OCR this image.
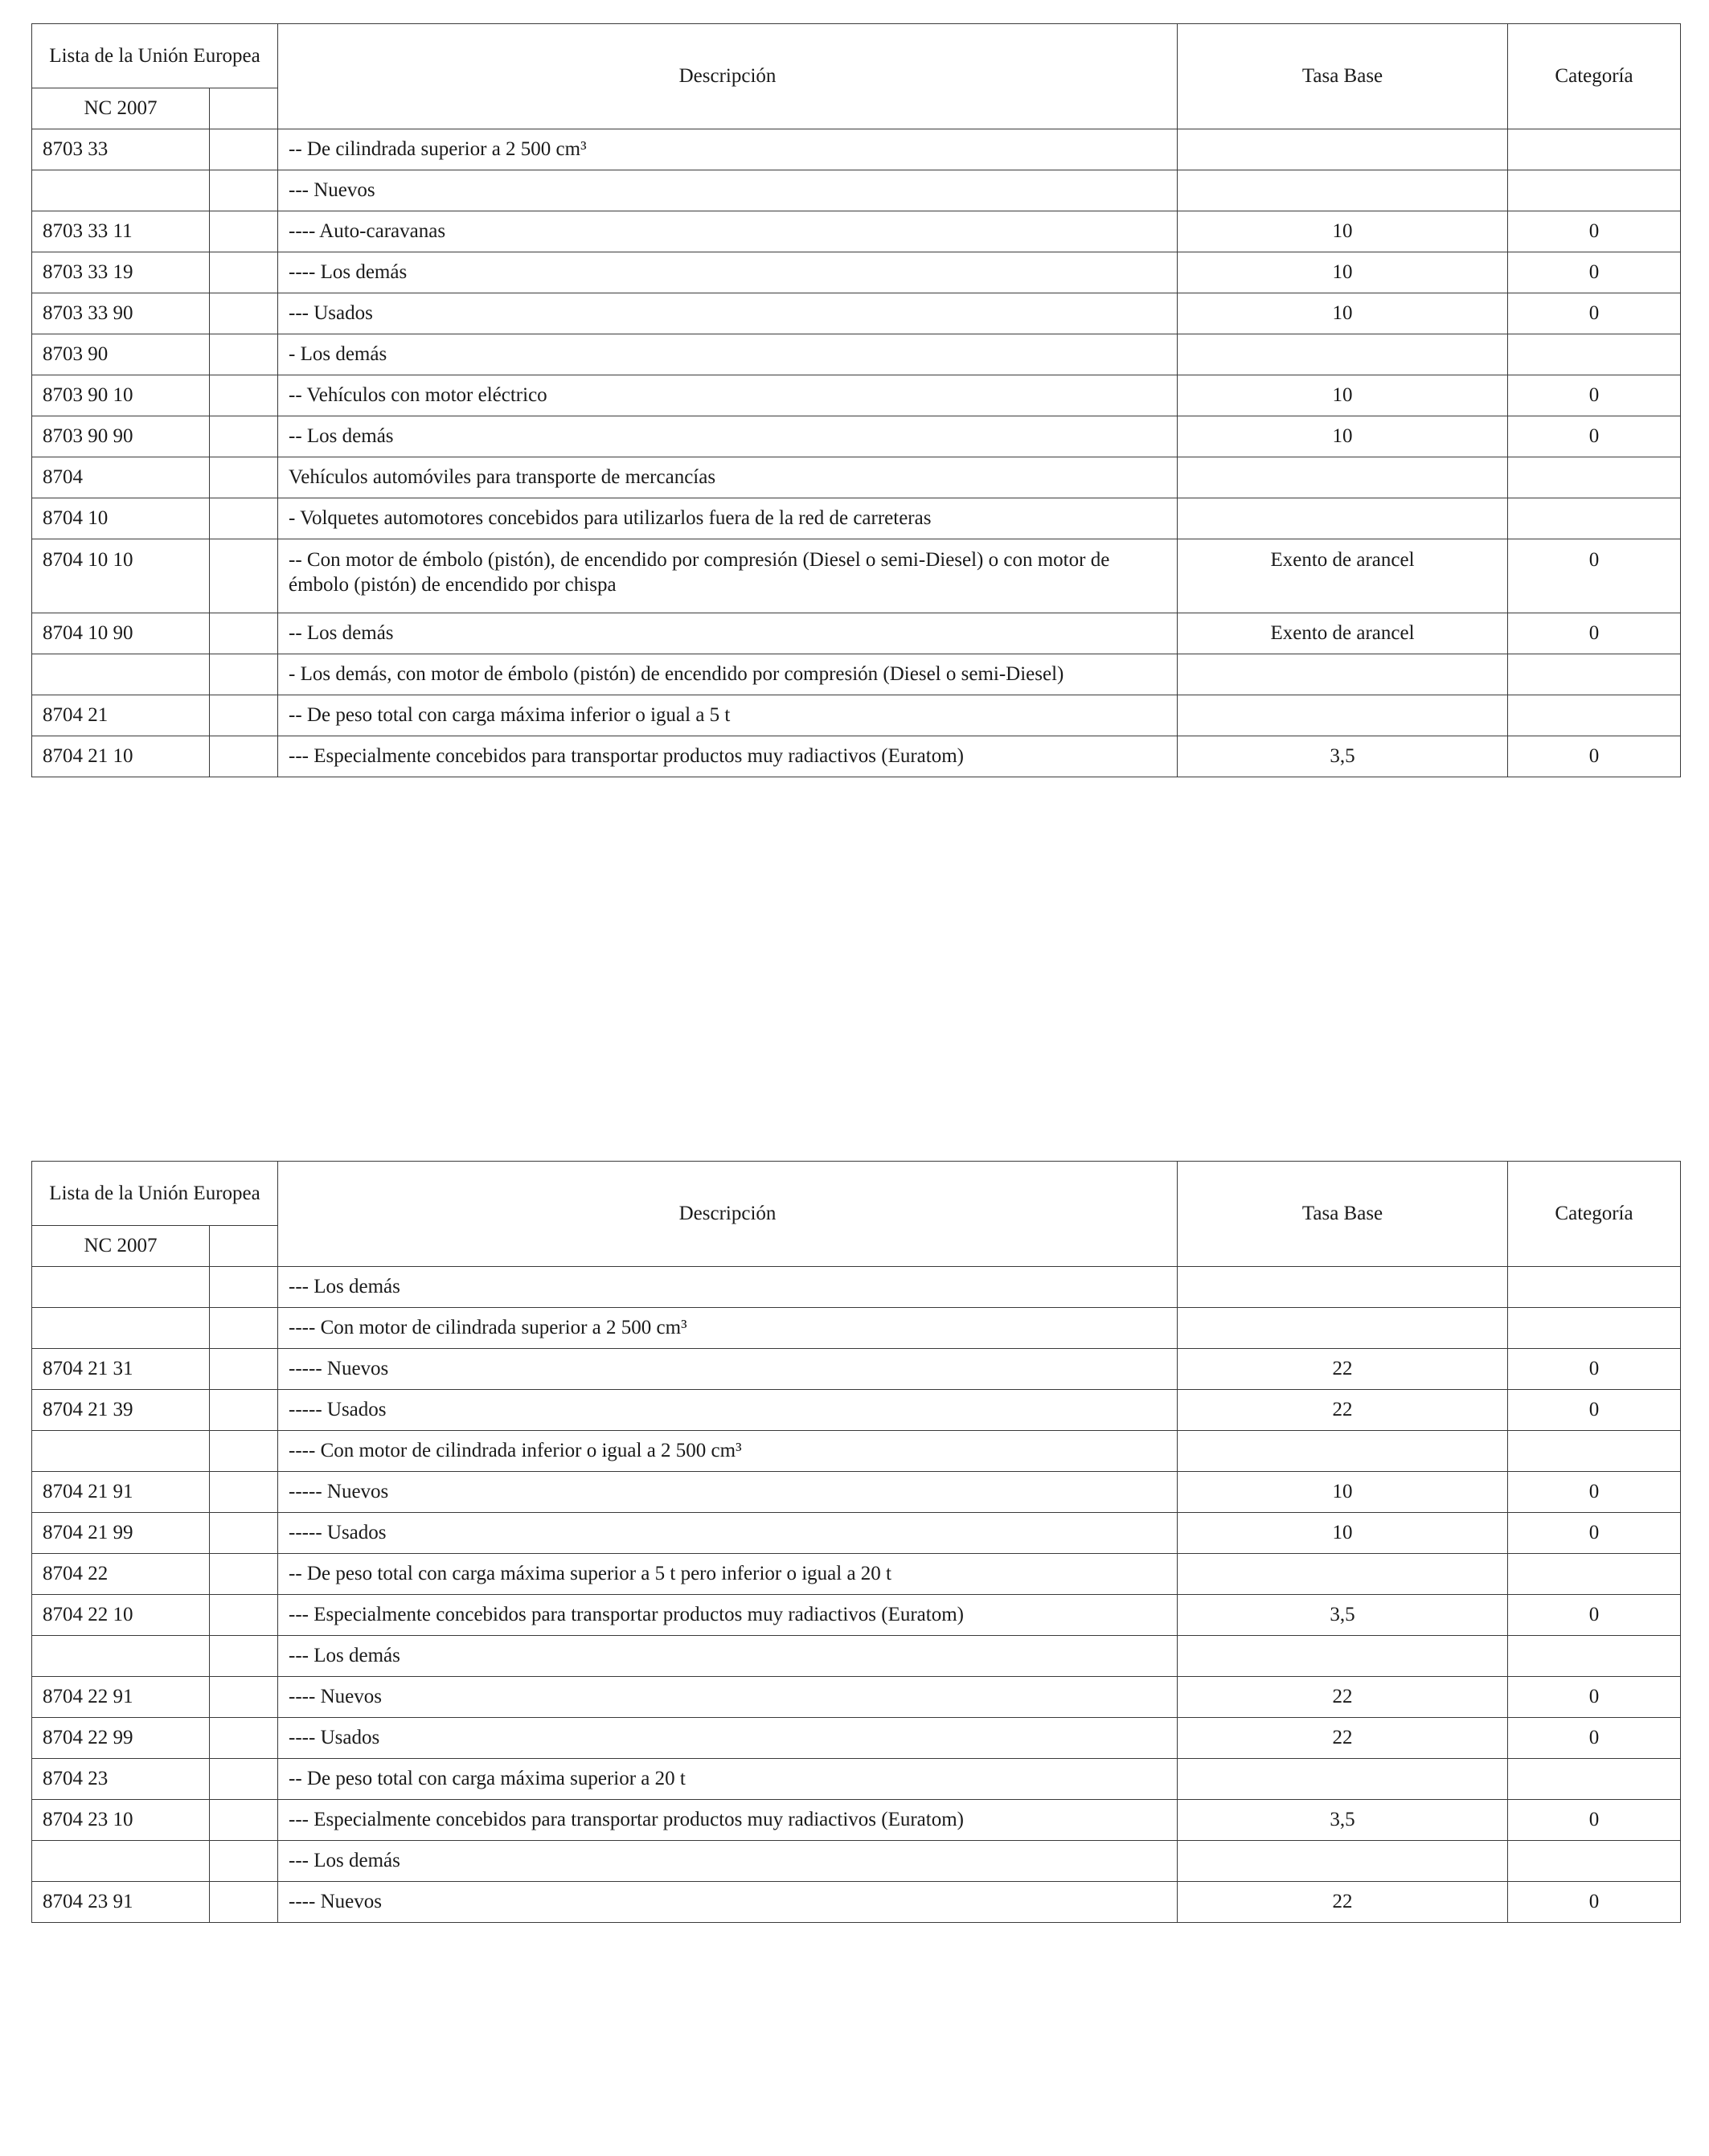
Lista de la Unión Europea		Descripción	Tasa Base	Categoría
NC 2007				
8703 33		-- De cilindrada superior a 2 500 cm³		
		--- Nuevos		
8703 33 11		---- Auto-caravanas	10	0
8703 33 19		---- Los demás	10	0
8703 33 90		--- Usados	10	0
8703 90		- Los demás		
8703 90 10		-- Vehículos con motor eléctrico	10	0
8703 90 90		-- Los demás	10	0
8704		Vehículos automóviles para transporte de mercancías		
8704 10		- Volquetes automotores concebidos para utilizarlos fuera de la red de carreteras		
8704 10 10		-- Con motor de émbolo (pistón), de encendido por compresión (Diesel o semi-Diesel) o con motor de émbolo (pistón) de encendido por chispa	Exento de arancel	0
8704 10 90		-- Los demás	Exento de arancel	0
		- Los demás, con motor de émbolo (pistón) de encendido por compresión (Diesel o semi-Diesel)		
8704 21		-- De peso total con carga máxima inferior o igual a 5 t		
8704 21 10		--- Especialmente concebidos para transportar productos muy radiactivos (Euratom)	3,5	0
Lista de la Unión Europea		Descripción	Tasa Base	Categoría
NC 2007				
		--- Los demás		
		---- Con motor de cilindrada superior a 2 500 cm³		
8704 21 31		----- Nuevos	22	0
8704 21 39		----- Usados	22	0
		---- Con motor de cilindrada inferior o igual a 2 500 cm³		
8704 21 91		----- Nuevos	10	0
8704 21 99		----- Usados	10	0
8704 22		-- De peso total con carga máxima superior a 5 t pero inferior o igual a 20 t		
8704 22 10		--- Especialmente concebidos para transportar productos muy radiactivos (Euratom)	3,5	0
		--- Los demás		
8704 22 91		---- Nuevos	22	0
8704 22 99		---- Usados	22	0
8704 23		-- De peso total con carga máxima superior a 20 t		
8704 23 10		--- Especialmente concebidos para transportar productos muy radiactivos (Euratom)	3,5	0
		--- Los demás		
8704 23 91		---- Nuevos	22	0
